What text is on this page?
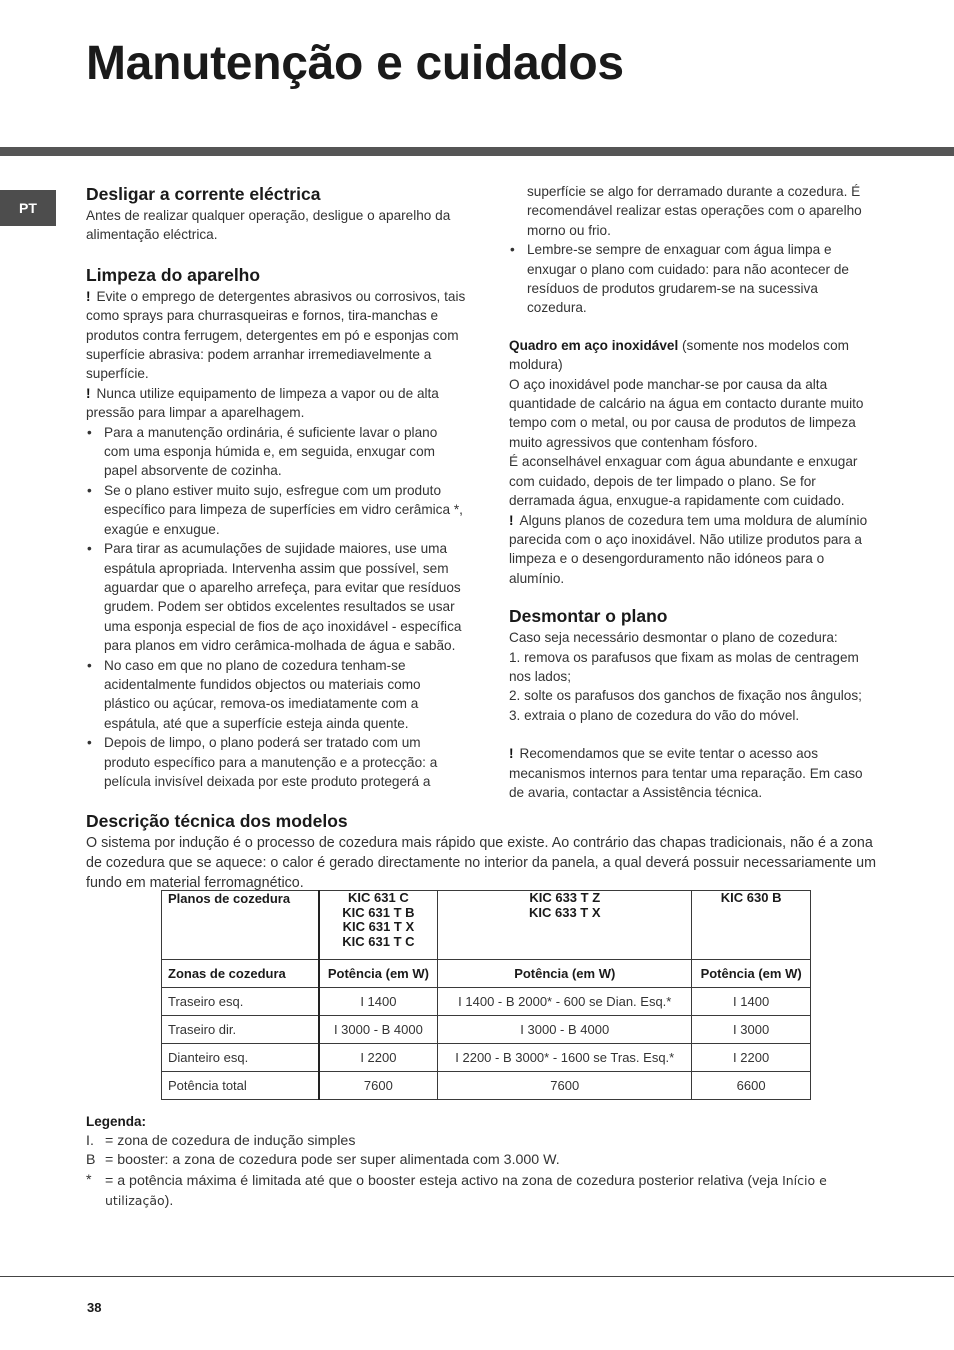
Manutenção e cuidados
PT
Desligar a corrente eléctrica

Antes de realizar qualquer operação, desligue o aparelho da alimentação eléctrica.

Limpeza do aparelho

! Evite o emprego de detergentes abrasivos ou corrosivos, tais como sprays para churrasqueiras e fornos, tira-manchas e produtos contra ferrugem, detergentes em pó e esponjas com superfície abrasiva: podem arranhar irremediavelmente a superfície.

! Nunca utilize equipamento de limpeza a vapor ou de alta pressão para limpar a aparelhagem.

• Para a manutenção ordinária, é suficiente lavar o plano com uma esponja húmida e, em seguida, enxugar com papel absorvente de cozinha.
• Se o plano estiver muito sujo, esfregue com um produto específico para limpeza de superfícies em vidro cerâmica *, exagúe e enxugue.
• Para tirar as acumulações de sujidade maiores, use uma espátula apropriada. Intervenha assim que possível, sem aguardar que o aparelho arrefeça, para evitar que resíduos grudem. Podem ser obtidos excelentes resultados se usar uma esponja especial de fios de aço inoxidável - específica para planos em vidro cerâmica-molhada de água e sabão.
• No caso em que no plano de cozedura tenham-se acidentalmente fundidos objectos ou materiais como plástico ou açúcar, remova-os imediatamente com a espátula, até que a superfície esteja ainda quente.
• Depois de limpo, o plano poderá ser tratado com um produto específico para a manutenção e a protecção: a película invisível deixada por este produto protegerá a

superfície se algo for derramado durante a cozedura. É recomendável realizar estas operações com o aparelho morno ou frio.

• Lembre-se sempre de enxaguar com água limpa e enxugar o plano com cuidado: para não acontecer de resíduos de produtos grudarem-se na sucessiva cozedura.

Quadro em aço inoxidável (somente nos modelos com moldura)

O aço inoxidável pode manchar-se por causa da alta quantidade de calcário na água em contacto durante muito tempo com o metal, ou por causa de produtos de limpeza muito agressivos que contenham fósforo.

É aconselhável enxaguar com água abundante e enxugar com cuidado, depois de ter limpado o plano. Se for derramada água, enxugue-a rapidamente com cuidado.

! Alguns planos de cozedura tem uma moldura de alumínio parecida com o aço inoxidável. Não utilize produtos para a limpeza e o desengorduramento não idóneos para o alumínio.

Desmontar o plano

Caso seja necessário desmontar o plano de cozedura:

1. remova os parafusos que fixam as molas de centragem nos lados;

2. solte os parafusos dos ganchos de fixação nos ângulos;

3. extraia o plano de cozedura do vão do móvel.

! Recomendamos que se evite tentar o acesso aos mecanismos internos para tentar uma reparação. Em caso de avaria, contactar a Assistência técnica.

Descrição técnica dos modelos

O sistema por indução é o processo de cozedura mais rápido que existe. Ao contrário das chapas tradicionais, não é a zona de cozedura que se aquece: o calor é gerado directamente no interior da panela, a qual deverá possuir necessariamente um fundo em material ferromagnético.

Planos de cozedura	KIC 631 C
KIC 631 T B
KIC 631 T X
KIC 631 T C	KIC 633 T Z
KIC 633 T X	KIC 630 B

Zonas de cozedura	Potência (em W)	Potência (em W)	Potência (em W)
Traseiro esq.	I 1400	I 1400 - B 2000* - 600 se Dian. Esq.*	I 1400
Traseiro dir.	I 3000 - B 4000	I 3000 - B 4000	I 3000
Dianteiro esq.	I 2200	I 2200 - B 3000* - 1600 se Tras. Esq.*	I 2200
Potência total	7600	7600	6600
Legenda:
I. = zona de cozedura de indução simples
B = booster: a zona de cozedura pode ser super alimentada com 3.000 W.
* = a potência máxima é limitada até que o booster esteja activo na zona de cozedura posterior relativa (veja Início e utilização).
38
